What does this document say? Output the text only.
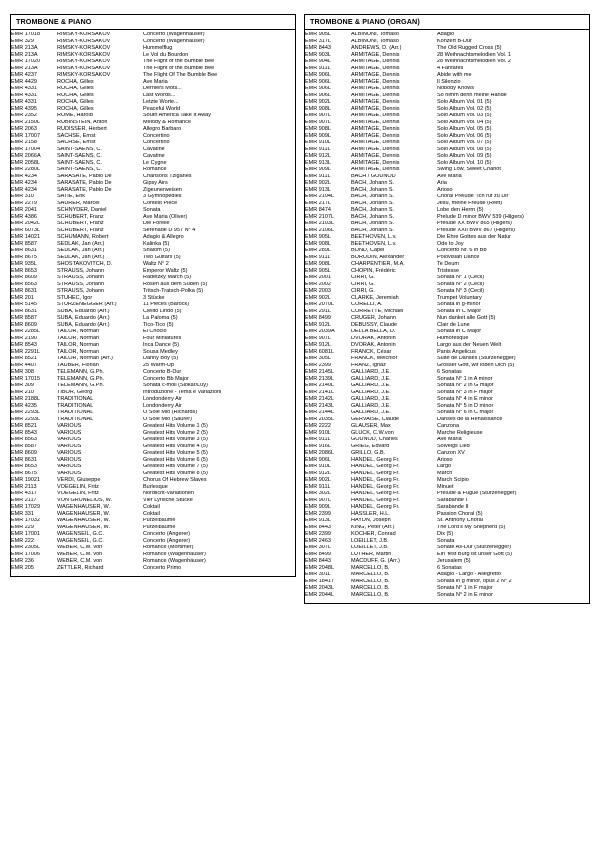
TROMBONE & PIANO
EMR 17018	RIMSKY-KORSAKOV	Concerto (Wagenhäuser)
EMR 329	RIMSKY-KORSAKOV	Concerto (Wagenhäuser)
EMR 213A	RIMSKY-KORSAKOV	Hummelflug
EMR 213A	RIMSKY-KORSAKOV	Le Vol du Bourdon
EMR 17020	RIMSKY-KORSAKOV	The Flight of the Bumble Bee
EMR 213A	RIMSKY-KORSAKOV	The Flight of the Bumble Bee
EMR 4237	RIMSKY-KORSAKOV	The Flight Of The Bumble Bee
EMR 4429	ROCHA, Gilles	Ave Maria
EMR 4331	ROCHA, Gilles	Derniers Mots...
EMR 4331	ROCHA, Gilles	Last Words...
EMR 4331	ROCHA, Gilles	Letzte Worte...
EMR 4395	ROCHA, Gilles	Peaceful World
EMR 2352	ROME, Harold	South America Take It Away
EMR 2150L	RUBINSTEIN, Anton	Melody & Romance
EMR 2063	RÜDISSER, Herbert	Allegro Barbaro
EMR 17007	SACHSE, Ernst	Concertino
EMR 2158	SACHSE, Ernst	Concertino
EMR 17004	SAINT-SAËNS, C.	Cavatine
EMR 2066A	SAINT-SAËNS, C.	Cavatine
EMR 2058L	SAINT-SAËNS, C.	Le Cygne
EMR 2280L	SAINT-SAËNS, C.	Romance
EMR 4234	SARASATE, Pablo De	Chansons Tziganes
EMR 4234	SARASATE, Pablo De	Gipsy Airs
EMR 4234	SARASATE, Pablo De	Zigeunerweisen
EMR 310	SATIE, Erik	3 Gymnopédies
EMR 2279	SAURER, Marcel	Contest Piece
EMR 2041	SCHNYDER, Daniel	Sonata
EMR 4386	SCHUBERT, Franz	Ave Maria (Oliver)
EMR 2042L	SCHUBERT, Franz	Die Forelle
EMR 6073L	SCHUBERT, Franz	Serenade D 957 N° 4
EMR 14021	SCHUMANN, Robert	Adagio & Allegro
EMR 8587	SEDLAK, Jan (Arr.)	Kalinka (5)
EMR 8631	SEDLAK, Jan (Arr.)	Shalom (5)
EMR 8675	SEDLAK, Jan (Arr.)	Two Guitars (5)
EMR 935L	SHOSTAKOVITCH, D.	Waltz N° 2
EMR 8653	STRAUSS, Johann	Emperor Waltz (5)
EMR 8609	STRAUSS, Johann	Radetzky March (5)
EMR 8563	STRAUSS, Johann	Rosen aus dem Süden (5)
EMR 8631	STRAUSS, Johann	Tritsch-Tratsch-Polka (5)
EMR 201	STUHEC, Igor	3 Stücke
EMR 5145	STURZENEGGER (Arr.)	11 Pieces (Barock)
EMR 8631	SUBA, Eduardo (Arr.)	Cielito Lindo (5)
EMR 8587	SUBA, Eduardo (Arr.)	La Paloma (5)
EMR 8609	SUBA, Eduardo (Arr.)	Tico-Tico (5)
EMR 2285L	TAILOR, Norman	El Choclo
EMR 2190	TAILOR, Norman	Four Miniatures
EMR 8543	TAILOR, Norman	Inca Dance (5)
EMR 2291L	TAILOR, Norman	Sousa Medley
EMR 8521	TAILOR, Norman (Arr.)	Danny Boy (5)
EMR 4407	TAUBER, Florian	25 Warm-Up
EMR 308	TELEMANN, G.Ph.	Concerto B-Dur
EMR 17015	TELEMANN, G.Ph.	Concerto Bb Major
EMR 309	TELEMANN, G.Ph.	Sonata c-moll (Slokar/Luy)
EMR 210	TIBOR, Georg	Introduzione - Tema e Variazioni
EMR 2188L	TRADITIONAL	Londonderry Air
EMR 4235	TRADITIONAL	Londonderry Air
EMR 2293L	TRADITIONAL	O Sole Mio (Richards)
EMR 2293L	TRADITIONAL	O Sole Mio (Saurer)
EMR 8521	VARIOUS	Greatest Hits Volume 1 (5)
EMR 8543	VARIOUS	Greatest Hits Volume 2 (5)
EMR 8563	VARIOUS	Greatest Hits Volume 3 (5)
EMR 8587	VARIOUS	Greatest Hits Volume 4 (5)
EMR 8609	VARIOUS	Greatest Hits Volume 5 (5)
EMR 8631	VARIOUS	Greatest Hits Volume 6 (5)
EMR 8653	VARIOUS	Greatest Hits Volume 7 (5)
EMR 8675	VARIOUS	Greatest Hits Volume 8 (5)
EMR 19021	VERDI, Giuseppe	Chorus Of Hebrew Slaves
EMR 2113	VOEGELIN, Fritz	Burlesque
EMR 4317	VOEGELIN, Fritz	Nordlicht-Variationen
EMR 2117	VON GRUNELIUS, W.	Vier Lyrische Stücke
EMR 17029	WAGENHÄUSER, W.	Coktail
EMR 331	WAGENHÄUSER, W.	Coktail
EMR 17032	WAGENHÄUSER, W.	Purzelbäume
EMR 229	WAGENHÄUSER, W.	Purzelbäume
EMR 17001	WAGENSEIL, G.C.	Concerto (Angerer)
EMR 222	WAGENSEIL, G.C.	Concerto (Angerer)
EMR 2305L	WEBER, C.M. von	Romance (Mortimer)
EMR 17006	WEBER, C.M. von	Romance (Wagenhäuser)
EMR 236	WEBER, C.M. von	Romance (Wagenhäuser)
EMR 205	ZETTLER, Richard	Concerto Primo
TROMBONE & PIANO (ORGAN)
EMR 905L	ALBINONI, Tomaso	Adagio
EMR 317L	ALBINONI, Tomaso	Konzert B-Dur
EMR 8443	ANDREWS, D. (Arr.)	The Old Rugged Cross (5)
EMR 903L	ARMITAGE, Dennis	28 Weihnachtsmelodien Vol. 1
EMR 904L	ARMITAGE, Dennis	28 Weihnachtsmelodien Vol. 2
EMR 911L	ARMITAGE, Dennis	4 Fanfares
EMR 906L	ARMITAGE, Dennis	Abide with me
EMR 906L	ARMITAGE, Dennis	Il Silenzio
EMR 906L	ARMITAGE, Dennis	Nobody Knows
EMR 906L	ARMITAGE, Dennis	So nimm denn meine Hände
EMR 902L	ARMITAGE, Dennis	Solo Album Vol. 01 (5)
EMR 908L	ARMITAGE, Dennis	Solo Album Vol. 02 (5)
EMR 907L	ARMITAGE, Dennis	Solo Album Vol. 03 (5)
EMR 907L	ARMITAGE, Dennis	Solo Album Vol. 04 (5)
EMR 908L	ARMITAGE, Dennis	Solo Album Vol. 05 (5)
EMR 909L	ARMITAGE, Dennis	Solo Album Vol. 06 (5)
EMR 910L	ARMITAGE, Dennis	Solo Album Vol. 07 (5)
EMR 911L	ARMITAGE, Dennis	Solo Album Vol. 08 (5)
EMR 912L	ARMITAGE, Dennis	Solo Album Vol. 09 (5)
EMR 913L	ARMITAGE, Dennis	Solo Album Vol. 10 (5)
EMR 909L	ARMITAGE, Dennis	Swing Low, Sweet Chariot
EMR 911L	BACH / GOUNOD	Ave Maria
EMR 902L	BACH, Johann S.	Aria
EMR 913L	BACH, Johann S.	Arioso
EMR 2104L	BACH, Johann S.	Choral Prelude "Ich ruf zu Dir"
EMR 217L	BACH, Johann S.	Jesu, meine Freude (Reift)
EMR 8474	BACH, Johann S.	Lobe den Herrn (5)
EMR 2107L	BACH, Johann S.	Prelude D minor BWV 539 (Hilgers)
EMR 2103L	BACH, Johann S.	Prelude XX BWV 865 (Hilgers)
EMR 2106L	BACH, Johann S.	Prelude XXII BWV 867 (Hilgers)
EMR 905L	BEETHOVEN, L.v.	Die Ehre Gottes aus der Natur
EMR 908L	BEETHOVEN, L.v.	Ode to Joy
EMR 289L	BOND, Capel	Concerto Nr. 6 in Bb
EMR 911L	BORODIN, Alexander	Polovisian Dance
EMR 908L	CHARPENTIER, M.A.	Te Deum
EMR 905L	CHOPIN, Frédéric	Tristesse
EMR 2001	CIRRI, G.	Sonata N° 1 (Cecil)
EMR 2002	CIRRI, G.	Sonata N° 2 (Cecil)
EMR 2003	CIRRI, G.	Sonata N° 3 (Cecil)
EMR 902L	CLARKE, Jeremiah	Trumpet Voluntary
EMR 2070L	CORELLI, A.	Sonata in g-minor
EMR 291L	CORRETTE, Michael	Sonata in C Major
EMR 8499	CRUGER, Johann	Nun danket alle Gott (5)
EMR 912L	DEBUSSY, Claude	Clair de Lune
EMR 2039A	DELLA BELLA, D.	Sonata in C Major
EMR 907L	DVORAK, Antonin	Humoresque
EMR 912L	DVORAK, Antonin	Largo aus der Neuen Welt
EMR 6081L	FRANCK, César	Panis Angelicus
EMR 305L	FRANCK, Melchior	Suite de Danses (Sturzenegger)
EMR 2399	FRANZ, Ignaz	Grosser Gott, wir loben Dich (5)
EMR 2145L	GALLIARD, J.E.	6 Sonatas
EMR 2139L	GALLIARD, J.E.	Sonata N° 1 in A minor
EMR 2140L	GALLIARD, J.E.	Sonata N° 2 in G major
EMR 2141L	GALLIARD, J.E.	Sonata N° 3 in F major
EMR 2142L	GALLIARD, J.E.	Sonata N° 4 in E minor
EMR 2143L	GALLIARD, J.E.	Sonata N° 5 in D minor
EMR 2144L	GALLIARD, J.E.	Sonata N° 6 in C major
EMR 2035L	GERVAISE, Claude	Danses de la Renaissance
EMR 2222	GLAUSER, Max	Canzona
EMR 910L	GLUCK, C.W.von	Marche Religieuse
EMR 911L	GOUNOD, Charles	Ave Maria
EMR 916L	GRIEG, Edvard	Solveigs Lied
EMR 2086L	GRILLO, G.B.	Canzon XV
EMR 906L	HÄNDEL, Georg Fr.	Arioso
EMR 910L	HÄNDEL, Georg Fr.	Largo
EMR 912L	HÄNDEL, Georg Fr.	March
EMR 902L	HÄNDEL, Georg Fr.	March Scipio
EMR 911L	HÄNDEL, Georg Fr.	Minuet
EMR 302L	HÄNDEL, Georg Fr.	Prelude & Fugue (Sturzenegger)
EMR 907L	HÄNDEL, Georg Fr.	Sarabande I
EMR 909L	HÄNDEL, Georg Fr.	Sarabande II
EMR 2399	HASSLER, H.L.	Passion Choral (5)
EMR 913L	HAYDN, Joseph	St. Anthony Choral
EMR 8443	KING, Peter (Arr.)	The Lord's My Shepherd (5)
EMR 2399	KOCHER, Conrad	Dix (5)
EMR 2463	LOEILLET, J.B.	Sonata
EMR 307L	LOEILLET, J.B.	Sonate As-Dur (Sturzenegger)
EMR 8499	LUTHER, Martin	Ein' fest Burg ist unser Gott (5)
EMR 8443	MACDUFF, G. (Arr.)	Jerusalem (5)
EMR 2048L	MARCELLO, B.	6 Sonatas
EMR 301L	MARCELLO, B.	Adagio - Largo - Allegretto
EMR 18417	MARCELLO, B.	Sonata in g minor, opus 2 N° 2
EMR 2043L	MARCELLO, B.	Sonata N° 1 in F major
EMR 2044L	MARCELLO, B.	Sonata N° 2 in E minor
